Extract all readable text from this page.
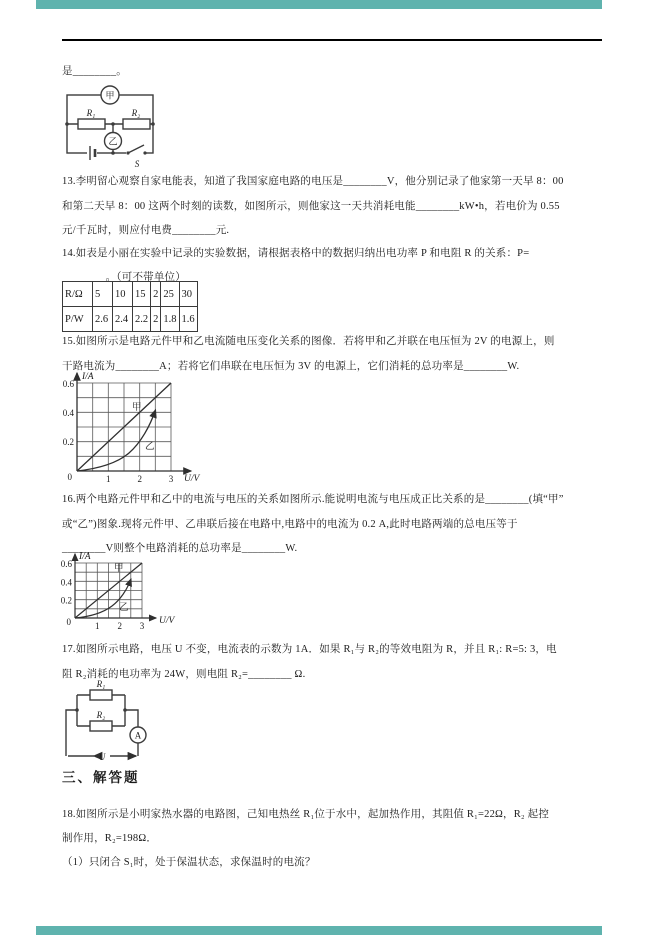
是________。
甲
乙
R₁	R₂
S
13.李明留心观察自家电能表，知道了我国家庭电路的电压是________V，他分别记录了他家第一天早 8：00
和第二天早 8：00 这两个时刻的读数，如图所示，则他家这一天共消耗电能________kW•h，若电价为 0.55
元/千瓦时，则应付电费________元.
14.如表是小丽在实验中记录的实验数据，请根据表格中的数据归纳出电功率 P 和电阻 R 的关系：P=
________。（可不带单位）
R/Ω	5	10	15	2	25	30
P/W	2.6	2.4	2.2	2	1.8	1.6
15.如图所示是电路元件甲和乙电流随电压变化关系的图像．若将甲和乙并联在电压恒为 2V 的电源上，则
干路电流为________A；若将它们串联在电压恒为 3V 的电源上，它们消耗的总功率是________W.
I/A
U/V
0.6
0.4
0.2
0	1	2	3
甲
乙
16.两个电路元件甲和乙中的电流与电压的关系如图所示.能说明电流与电压成正比关系的是________(填“甲”
或“乙”)图象.现将元件甲、乙串联后接在电路中,电路中的电流为 0.2 A,此时电路两端的总电压等于
________V则整个电路消耗的总功率是________W.
I/A
U/V
0.6
0.4
0.2
0	1 2 3
甲
乙
17.如图所示电路，电压 U 不变，电流表的示数为 1A．如果 R₁与 R₂的等效电阻为 R，并且 R₁: R=5: 3，电
阻 R₂消耗的电功率为 24W，则电阻 R₂=________ Ω.
R₁
R₂
A
U
三、解答题
18.如图所示是小明家热水器的电路图，己知电热丝 R₁位于水中，起加热作用，其阻值 R₁=22Ω，R₂ 起控
制作用，R₂=198Ω．
（1）只闭合 S₁时，处于保温状态，求保温时的电流？
